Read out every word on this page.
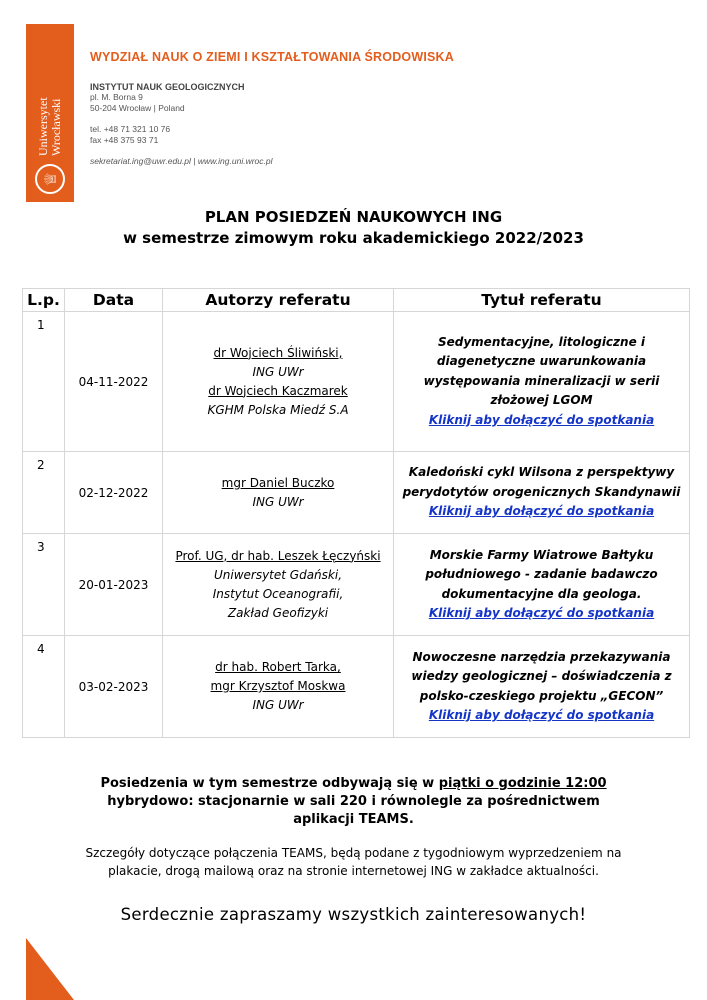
♕
Uniwersytet Wrocławski
WYDZIAŁ NAUK O ZIEMI I KSZTAŁTOWANIA ŚRODOWISKA
INSTYTUT NAUK GEOLOGICZNYCH
pl. M. Borna 9
50-204 Wrocław | Poland
tel. +48 71 321 10 76
fax +48 375 93 71
sekretariat.ing@uwr.edu.pl | www.ing.uni.wroc.pl
PLAN POSIEDZEŃ NAUKOWYCH ING
w semestrze zimowym roku akademickiego 2022/2023
L.p.	Data	Autorzy referatu	Tytuł referatu
1	04-11-2022	dr Wojciech Śliwiński,
ING UWr
dr Wojciech Kaczmarek
KGHM Polska Miedź S.A	Sedymentacyjne, litologiczne i
diagenetyczne uwarunkowania
występowania mineralizacji w serii
złożowej LGOM
Kliknij aby dołączyć do spotkania

2	02-12-2022	mgr Daniel Buczko
ING UWr	Kaledoński cykl Wilsona z perspektywy
perydotytów orogenicznych Skandynawii
Kliknij aby dołączyć do spotkania

3	20-01-2023	Prof. UG, dr hab. Leszek Łęczyński
Uniwersytet Gdański,
Instytut Oceanografii,
Zakład Geofizyki	Morskie Farmy Wiatrowe Bałtyku
południowego - zadanie badawczo
dokumentacyjne dla geologa.
Kliknij aby dołączyć do spotkania

4	03-02-2023	dr hab. Robert Tarka,
mgr Krzysztof Moskwa
ING UWr	Nowoczesne narzędzia przekazywania
wiedzy geologicznej – doświadczenia z
polsko-czeskiego projektu „GECON”
Kliknij aby dołączyć do spotkania
Posiedzenia w tym semestrze odbywają się w piątki o godzinie 12:00
hybrydowo: stacjonarnie w sali 220 i równolegle za pośrednictwem
aplikacji TEAMS.
Szczegóły dotyczące połączenia TEAMS, będą podane z tygodniowym wyprzedzeniem na
plakacie, drogą mailową oraz na stronie internetowej ING w zakładce aktualności.
Serdecznie zapraszamy wszystkich zainteresowanych!
